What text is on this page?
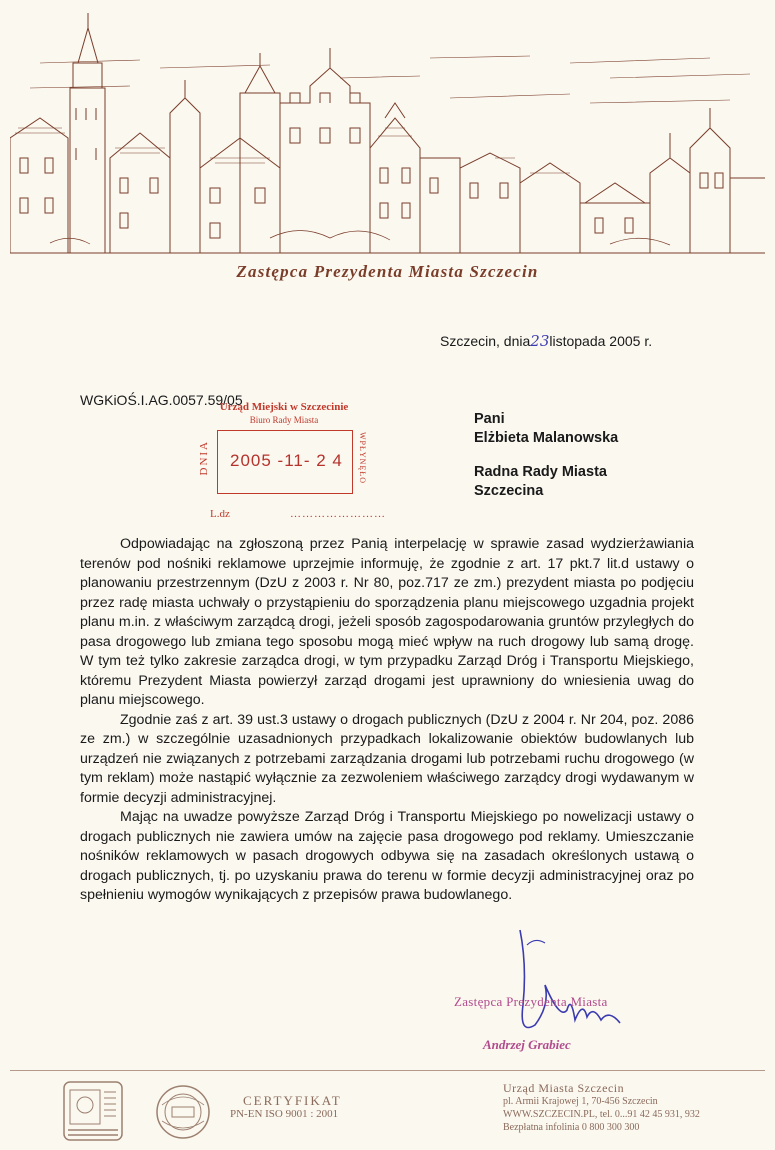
Zastępca Prezydenta Miasta Szczecin
Szczecin, dnia23listopada 2005 r.
WGKiOŚ.I.AG.0057.59/05
Urząd Miejski w Szczecinie
Biuro Rady Miasta
DNIA	WPŁYNĘŁO
2005 -11- 2 4
L.dz	……………………
Pani
Elżbieta Malanowska
Radna Rady Miasta
Szczecina

Odpowiadając na zgłoszoną przez Panią interpelację w sprawie zasad wydzierżawiania terenów pod nośniki reklamowe uprzejmie informuję, że zgodnie z art. 17 pkt.7 lit.d ustawy o planowaniu przestrzennym (DzU z 2003 r. Nr 80, poz.717 ze zm.) prezydent miasta po podjęciu przez radę miasta uchwały o przystąpieniu do sporządzenia planu miejscowego uzgadnia projekt planu m.in. z właściwym zarządcą drogi, jeżeli sposób zagospodarowania gruntów przyległych do pasa drogowego lub zmiana tego sposobu mogą mieć wpływ na ruch drogowy lub samą drogę. W tym też tylko zakresie zarządca drogi, w tym przypadku Zarząd Dróg i Transportu Miejskiego, któremu Prezydent Miasta powierzył zarząd drogami jest uprawniony do wniesienia uwag do planu miejscowego.

Zgodnie zaś z art. 39 ust.3 ustawy o drogach publicznych (DzU z 2004 r. Nr 204, poz. 2086 ze zm.) w szczególnie uzasadnionych przypadkach lokalizowanie obiektów budowlanych lub urządzeń nie związanych z potrzebami zarządzania drogami lub potrzebami ruchu drogowego (w tym reklam) może nastąpić wyłącznie za zezwoleniem właściwego zarządcy drogi wydawanym w formie decyzji administracyjnej.

Mając na uwadze powyższe Zarząd Dróg i Transportu Miejskiego po nowelizacji ustawy o drogach publicznych nie zawiera umów na zajęcie pasa drogowego pod reklamy. Umieszczanie nośników reklamowych w pasach drogowych odbywa się na zasadach określonych ustawą o drogach publicznych, tj. po uzyskaniu prawa do terenu w formie decyzji administracyjnej oraz po spełnieniu wymogów wynikających z przepisów prawa budowlanego.

Zastępca Prezydenta Miasta
Andrzej Grabiec
CERTYFIKAT
PN-EN ISO 9001 : 2001
Urząd Miasta Szczecin
pl. Armii Krajowej 1, 70-456 Szczecin
WWW.SZCZECIN.PL, tel. 0...91 42 45 931, 932
Bezpłatna infolinia 0 800 300 300
